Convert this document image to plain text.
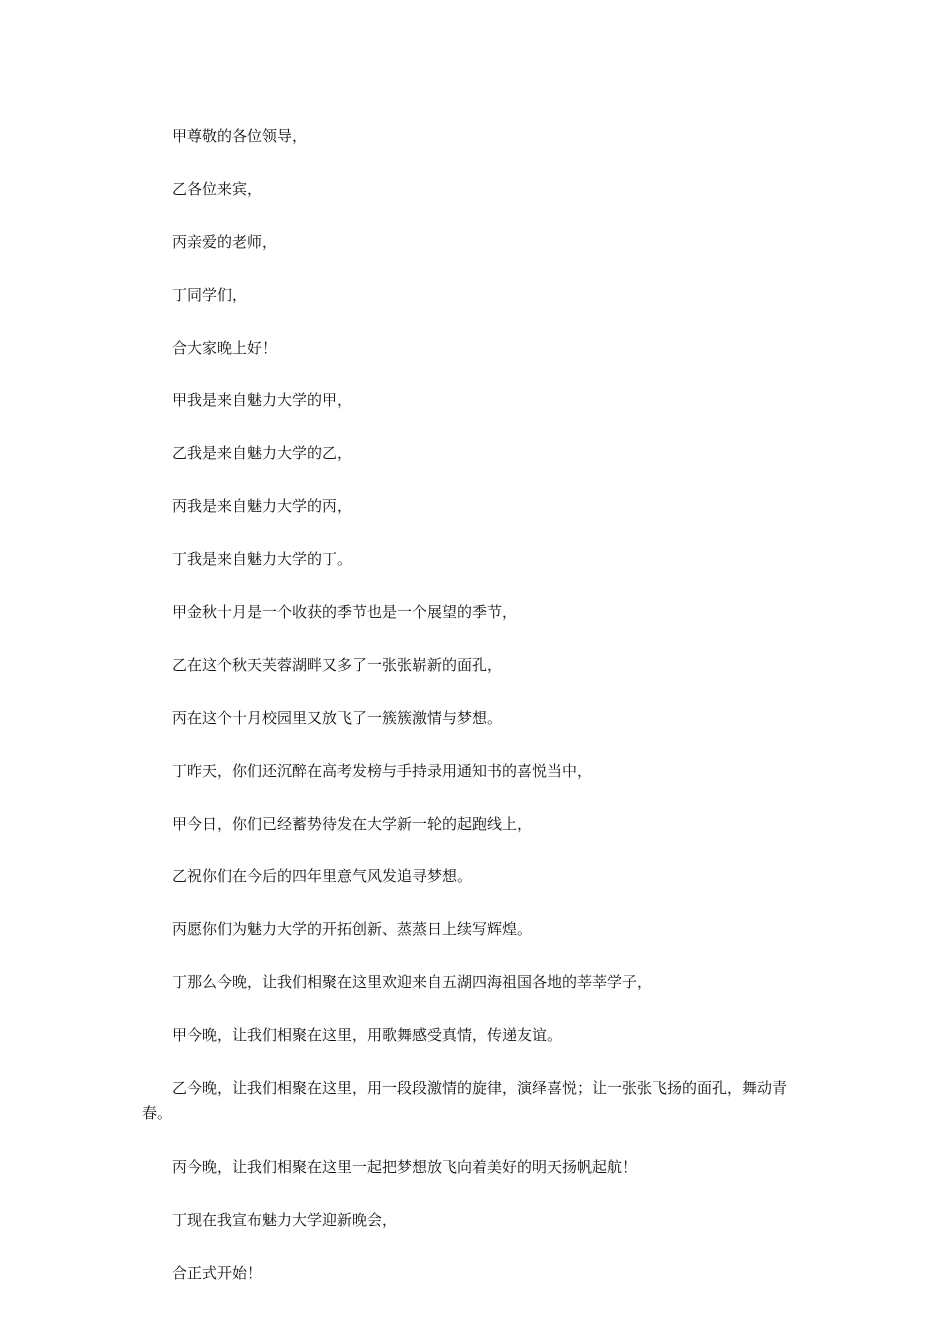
甲尊敬的各位领导，

乙各位来宾，

丙亲爱的老师，

丁同学们，

合大家晚上好！

甲我是来自魅力大学的甲，

乙我是来自魅力大学的乙，

丙我是来自魅力大学的丙，

丁我是来自魅力大学的丁。

甲金秋十月是一个收获的季节也是一个展望的季节，

乙在这个秋天芙蓉湖畔又多了一张张崭新的面孔，

丙在这个十月校园里又放飞了一簇簇激情与梦想。

丁昨天，你们还沉醉在高考发榜与手持录用通知书的喜悦当中，

甲今日，你们已经蓄势待发在大学新一轮的起跑线上，

乙祝你们在今后的四年里意气风发追寻梦想。

丙愿你们为魅力大学的开拓创新、蒸蒸日上续写辉煌。

丁那么今晚，让我们相聚在这里欢迎来自五湖四海祖国各地的莘莘学子，

甲今晚，让我们相聚在这里，用歌舞感受真情，传递友谊。

乙今晚，让我们相聚在这里，用一段段激情的旋律，演绎喜悦；让一张张飞扬的面孔，舞动青春。

丙今晚，让我们相聚在这里一起把梦想放飞向着美好的明天扬帆起航！

丁现在我宣布魅力大学迎新晚会，

合正式开始！
